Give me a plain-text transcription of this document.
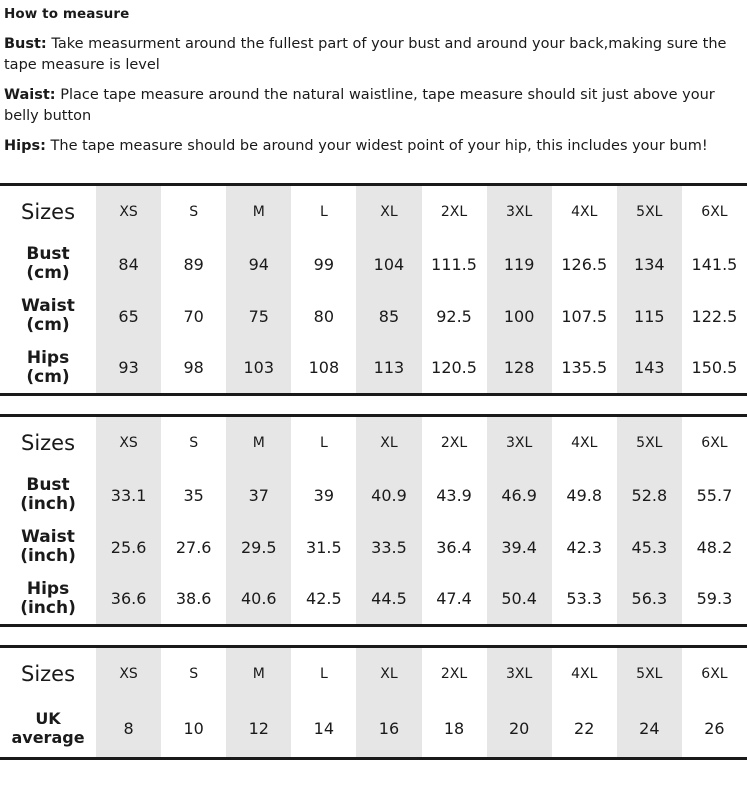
How to measure
Bust: Take measurment around the fullest part of your bust and around your back,making sure the tape measure is level
Waist: Place tape measure around the natural waistline, tape measure should sit just above your belly button
Hips: The tape measure should be around your widest point of your hip, this includes your bum!
Sizes	XS	S	M	L	XL	2XL	3XL	4XL	5XL	6XL

Bust
(cm)	84	89	94	99	104	111.5	119	126.5	134	141.5

Waist
(cm)	65	70	75	80	85	92.5	100	107.5	115	122.5

Hips
(cm)	93	98	103	108	113	120.5	128	135.5	143	150.5
Sizes	XS	S	M	L	XL	2XL	3XL	4XL	5XL	6XL

Bust
(inch)	33.1	35	37	39	40.9	43.9	46.9	49.8	52.8	55.7

Waist
(inch)	25.6	27.6	29.5	31.5	33.5	36.4	39.4	42.3	45.3	48.2

Hips
(inch)	36.6	38.6	40.6	42.5	44.5	47.4	50.4	53.3	56.3	59.3
Sizes	XS	S	M	L	XL	2XL	3XL	4XL	5XL	6XL

UK
average	8	10	12	14	16	18	20	22	24	26
